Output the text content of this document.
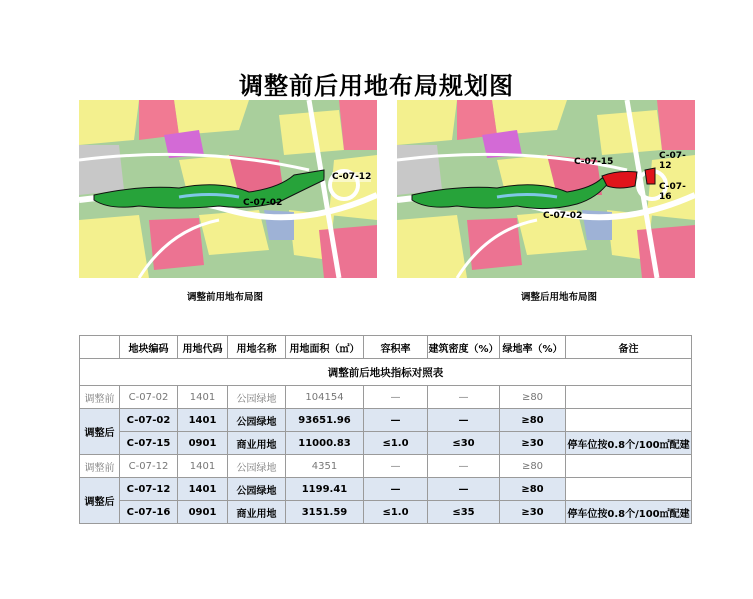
调整前后用地布局规划图
C-07-12
C-07-02
C-07-15
C-07-12
C-07-16
C-07-02
调整前用地布局图	调整后用地布局图
调整前后地块指标对照表								
	地块编码	用地代码	用地名称	用地面积（㎡）	容积率	建筑密度（%）	绿地率（%）	备注
调整前	C-07-02	1401	公园绿地	104154	—	—	≥80	
调整后	C-07-02	1401	公园绿地	93651.96	—	—	≥80	
	C-07-15	0901	商业用地	11000.83	≤1.0	≤30	≥30	停车位按0.8个/100㎡配建
调整前	C-07-12	1401	公园绿地	4351	—	—	≥80	
调整后	C-07-12	1401	公园绿地	1199.41	—	—	≥80	
	C-07-16	0901	商业用地	3151.59	≤1.0	≤35	≥30	停车位按0.8个/100㎡配建
